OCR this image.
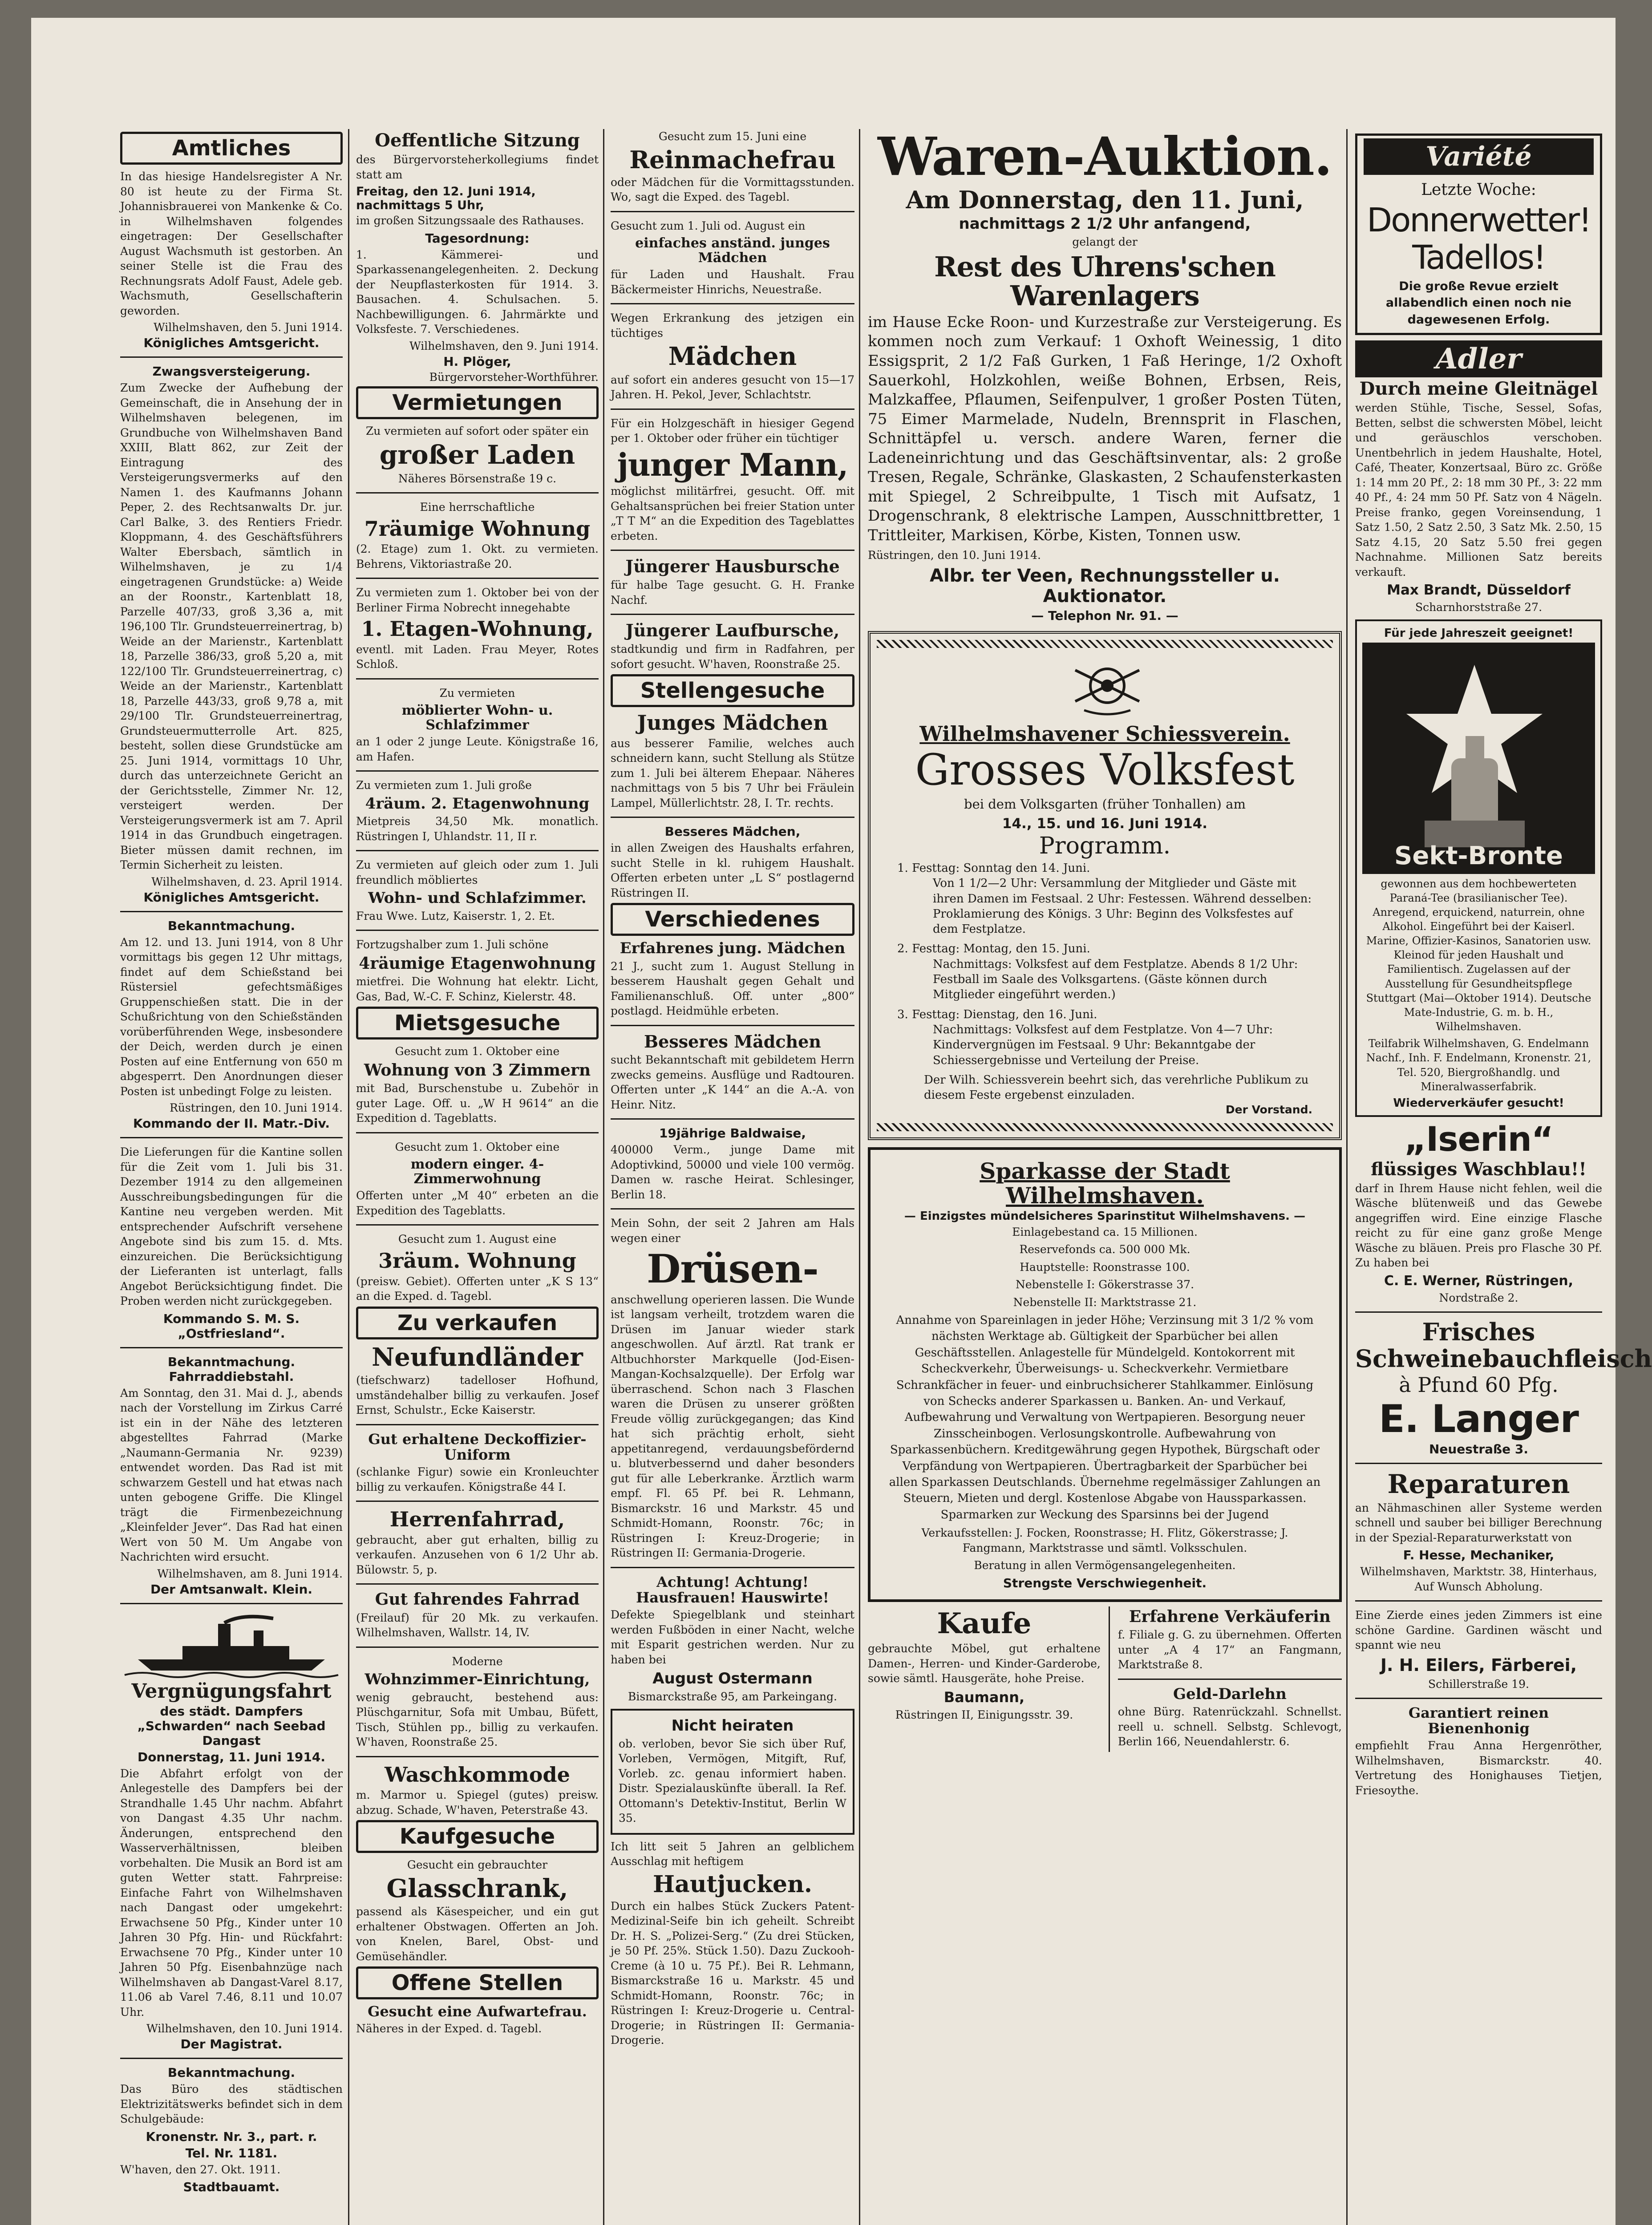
Amtliches

In das hiesige Handelsregister A Nr. 80 ist heute zu der Firma St. Johannisbrauerei von Mankenke & Co. in Wilhelmshaven folgendes eingetragen: Der Gesellschafter August Wachsmuth ist gestorben. An seiner Stelle ist die Frau des Rechnungsrats Adolf Faust, Adele geb. Wachsmuth, Gesellschafterin geworden.

Wilhelmshaven, den 5. Juni 1914.

Königliches Amtsgericht.

Zwangsversteigerung.

Zum Zwecke der Aufhebung der Gemeinschaft, die in Ansehung der in Wilhelmshaven belegenen, im Grundbuche von Wilhelmshaven Band XXIII, Blatt 862, zur Zeit der Eintragung des Versteigerungsvermerks auf den Namen 1. des Kaufmanns Johann Peper, 2. des Rechtsanwalts Dr. jur. Carl Balke, 3. des Rentiers Friedr. Kloppmann, 4. des Geschäftsführers Walter Ebersbach, sämtlich in Wilhelmshaven, je zu 1/4 eingetragenen Grundstücke: a) Weide an der Roonstr., Kartenblatt 18, Parzelle 407/33, groß 3,36 a, mit 196,100 Tlr. Grundsteuerreinertrag, b) Weide an der Marienstr., Kartenblatt 18, Parzelle 386/33, groß 5,20 a, mit 122/100 Tlr. Grundsteuerreinertrag, c) Weide an der Marienstr., Kartenblatt 18, Parzelle 443/33, groß 9,78 a, mit 29/100 Tlr. Grundsteuerreinertrag, Grundsteuermutterrolle Art. 825, besteht, sollen diese Grundstücke am 25. Juni 1914, vormittags 10 Uhr, durch das unterzeichnete Gericht an der Gerichtsstelle, Zimmer Nr. 12, versteigert werden. Der Versteigerungsvermerk ist am 7. April 1914 in das Grundbuch eingetragen. Bieter müssen damit rechnen, im Termin Sicherheit zu leisten.

Wilhelmshaven, d. 23. April 1914.

Königliches Amtsgericht.

Bekanntmachung.

Am 12. und 13. Juni 1914, von 8 Uhr vormittags bis gegen 12 Uhr mittags, findet auf dem Schießstand bei Rüstersiel gefechtsmäßiges Gruppenschießen statt. Die in der Schußrichtung von den Schießständen vorüberführenden Wege, insbesondere der Deich, werden durch je einen Posten auf eine Entfernung von 650 m abgesperrt. Den Anordnungen dieser Posten ist unbedingt Folge zu leisten.

Rüstringen, den 10. Juni 1914.

Kommando der II. Matr.-Div.

Die Lieferungen für die Kantine sollen für die Zeit vom 1. Juli bis 31. Dezember 1914 zu den allgemeinen Ausschreibungsbedingungen für die Kantine neu vergeben werden. Mit entsprechender Aufschrift versehene Angebote sind bis zum 15. d. Mts. einzureichen. Die Berücksichtigung der Lieferanten ist unterlagt, falls Angebot Berücksichtigung findet. Die Proben werden nicht zurückgegeben.

Kommando S. M. S. „Ostfriesland“.

Bekanntmachung. Fahrraddiebstahl.

Am Sonntag, den 31. Mai d. J., abends nach der Vorstellung im Zirkus Carré ist ein in der Nähe des letzteren abgestelltes Fahrrad (Marke „Naumann-Germania Nr. 9239) entwendet worden. Das Rad ist mit schwarzem Gestell und hat etwas nach unten gebogene Griffe. Die Klingel trägt die Firmenbezeichnung „Kleinfelder Jever“. Das Rad hat einen Wert von 50 M. Um Angabe von Nachrichten wird ersucht.

Wilhelmshaven, am 8. Juni 1914.

Der Amtsanwalt. Klein.

Vergnügungsfahrt

des städt. Dampfers „Schwarden“ nach Seebad Dangast

Donnerstag, 11. Juni 1914.

Die Abfahrt erfolgt von der Anlegestelle des Dampfers bei der Strandhalle 1.45 Uhr nachm. Abfahrt von Dangast 4.35 Uhr nachm. Änderungen, entsprechend den Wasserverhältnissen, bleiben vorbehalten. Die Musik an Bord ist am guten Wetter statt. Fahrpreise: Einfache Fahrt von Wilhelmshaven nach Dangast oder umgekehrt: Erwachsene 50 Pfg., Kinder unter 10 Jahren 30 Pfg. Hin- und Rückfahrt: Erwachsene 70 Pfg., Kinder unter 10 Jahren 50 Pfg. Eisenbahnzüge nach Wilhelmshaven ab Dangast-Varel 8.17, 11.06 ab Varel 7.46, 8.11 und 10.07 Uhr.

Wilhelmshaven, den 10. Juni 1914.

Der Magistrat.

Bekanntmachung.

Das Büro des städtischen Elektrizitätswerks befindet sich in dem Schulgebäude:

Kronenstr. Nr. 3., part. r.

Tel. Nr. 1181.

W'haven, den 27. Okt. 1911.

Stadtbauamt.

Oeffentliche Sitzung

des Bürgervorsteherkollegiums findet statt am

Freitag, den 12. Juni 1914, nachmittags 5 Uhr,

im großen Sitzungssaale des Rathauses.

Tagesordnung:

1. Kämmerei- und Sparkassenangelegenheiten. 2. Deckung der Neupflasterkosten für 1914. 3. Bausachen. 4. Schulsachen. 5. Nachbewilligungen. 6. Jahrmärkte und Volksfeste. 7. Verschiedenes.

Wilhelmshaven, den 9. Juni 1914.

H. Plöger,

Bürgervorsteher-Worthführer.

Vermietungen

Zu vermieten auf sofort oder später ein

großer Laden

Näheres Börsenstraße 19 c.

Eine herrschaftliche

7räumige Wohnung

(2. Etage) zum 1. Okt. zu vermieten. Behrens, Viktoriastraße 20.

Zu vermieten zum 1. Oktober bei von der Berliner Firma Nobrecht innegehabte

1. Etagen-Wohnung,

eventl. mit Laden. Frau Meyer, Rotes Schloß.

Zu vermieten

möblierter Wohn- u. Schlafzimmer

an 1 oder 2 junge Leute. Königstraße 16, am Hafen.

Zu vermieten zum 1. Juli große

4räum. 2. Etagenwohnung

Mietpreis 34,50 Mk. monatlich. Rüstringen I, Uhlandstr. 11, II r.

Zu vermieten auf gleich oder zum 1. Juli freundlich möbliertes

Wohn- und Schlafzimmer.

Frau Wwe. Lutz, Kaiserstr. 1, 2. Et.

Fortzugshalber zum 1. Juli schöne

4räumige Etagenwohnung

mietfrei. Die Wohnung hat elektr. Licht, Gas, Bad, W.-C. F. Schinz, Kielerstr. 48.

Mietsgesuche

Gesucht zum 1. Oktober eine

Wohnung von 3 Zimmern

mit Bad, Burschenstube u. Zubehör in guter Lage. Off. u. „W H 9614“ an die Expedition d. Tageblatts.

Gesucht zum 1. Oktober eine

modern einger. 4-Zimmerwohnung

Offerten unter „M 40“ erbeten an die Expedition des Tageblatts.

Gesucht zum 1. August eine

3räum. Wohnung

(preisw. Gebiet). Offerten unter „K S 13“ an die Exped. d. Tagebl.

Zu verkaufen

Neufundländer

(tiefschwarz) tadelloser Hofhund, umständehalber billig zu verkaufen. Josef Ernst, Schulstr., Ecke Kaiserstr.

Gut erhaltene Deckoffizier-Uniform

(schlanke Figur) sowie ein Kronleuchter billig zu verkaufen. Königstraße 44 I.

Herrenfahrrad,

gebraucht, aber gut erhalten, billig zu verkaufen. Anzusehen von 6 1/2 Uhr ab. Bülowstr. 5, p.

Gut fahrendes Fahrrad

(Freilauf) für 20 Mk. zu verkaufen. Wilhelmshaven, Wallstr. 14, IV.

Moderne

Wohnzimmer-Einrichtung,

wenig gebraucht, bestehend aus: Plüschgarnitur, Sofa mit Umbau, Büfett, Tisch, Stühlen pp., billig zu verkaufen. W'haven, Roonstraße 25.

Waschkommode

m. Marmor u. Spiegel (gutes) preisw. abzug. Schade, W'haven, Peterstraße 43.

Kaufgesuche

Gesucht ein gebrauchter

Glasschrank,

passend als Käsespeicher, und ein gut erhaltener Obstwagen. Offerten an Joh. von Knelen, Barel, Obst- und Gemüsehändler.

Offene Stellen

Gesucht eine Aufwartefrau.

Näheres in der Exped. d. Tagebl.

Gesucht zum 15. Juni eine

Reinmachefrau

oder Mädchen für die Vormittagsstunden. Wo, sagt die Exped. des Tagebl.

Gesucht zum 1. Juli od. August ein

einfaches anständ. junges Mädchen

für Laden und Haushalt. Frau Bäckermeister Hinrichs, Neuestraße.

Wegen Erkrankung des jetzigen ein tüchtiges

Mädchen

auf sofort ein anderes gesucht von 15—17 Jahren. H. Pekol, Jever, Schlachtstr.

Für ein Holzgeschäft in hiesiger Gegend per 1. Oktober oder früher ein tüchtiger

junger Mann,

möglichst militärfrei, gesucht. Off. mit Gehaltsansprüchen bei freier Station unter „T T M“ an die Expedition des Tageblattes erbeten.

Jüngerer Hausbursche

für halbe Tage gesucht. G. H. Franke Nachf.

Jüngerer Laufbursche,

stadtkundig und firm in Radfahren, per sofort gesucht. W'haven, Roonstraße 25.

Stellengesuche

Junges Mädchen

aus besserer Familie, welches auch schneidern kann, sucht Stellung als Stütze zum 1. Juli bei älterem Ehepaar. Näheres nachmittags von 5 bis 7 Uhr bei Fräulein Lampel, Müllerlichtstr. 28, I. Tr. rechts.

Besseres Mädchen,

in allen Zweigen des Haushalts erfahren, sucht Stelle in kl. ruhigem Haushalt. Offerten erbeten unter „L S“ postlagernd Rüstringen II.

Verschiedenes

Erfahrenes jung. Mädchen

21 J., sucht zum 1. August Stellung in besserem Haushalt gegen Gehalt und Familienanschluß. Off. unter „800“ postlagd. Heidmühle erbeten.

Besseres Mädchen

sucht Bekanntschaft mit gebildetem Herrn zwecks gemeins. Ausflüge und Radtouren. Offerten unter „K 144“ an die A.-A. von Heinr. Nitz.

19jährige Baldwaise,

400000 Verm., junge Dame mit Adoptivkind, 50000 und viele 100 vermög. Damen w. rasche Heirat. Schlesinger, Berlin 18.

Mein Sohn, der seit 2 Jahren am Hals wegen einer

Drüsen-

anschwellung operieren lassen. Die Wunde ist langsam verheilt, trotzdem waren die Drüsen im Januar wieder stark angeschwollen. Auf ärztl. Rat trank er Altbuchhorster Markquelle (Jod-Eisen-Mangan-Kochsalzquelle). Der Erfolg war überraschend. Schon nach 3 Flaschen waren die Drüsen zu unserer größten Freude völlig zurückgegangen; das Kind hat sich prächtig erholt, sieht appetitanregend, verdauungsbefördernd u. blutverbessernd und daher besonders gut für alle Leberkranke. Ärztlich warm empf. Fl. 65 Pf. bei R. Lehmann, Bismarckstr. 16 und Markstr. 45 und Schmidt-Homann, Roonstr. 76c; in Rüstringen I: Kreuz-Drogerie; in Rüstringen II: Germania-Drogerie.

Achtung! Achtung! Hausfrauen! Hauswirte!

Defekte Spiegelblank und steinhart werden Fußböden in einer Nacht, welche mit Esparit gestrichen werden. Nur zu haben bei

August Ostermann

Bismarckstraße 95, am Parkeingang.

Nicht heiraten

ob. verloben, bevor Sie sich über Ruf, Vorleben, Vermögen, Mitgift, Ruf, Vorleb. zc. genau informiert haben. Distr. Spezialauskünfte überall. Ia Ref. Ottomann's Detektiv-Institut, Berlin W 35.

Ich litt seit 5 Jahren an gelblichem Ausschlag mit heftigem

Hautjucken.

Durch ein halbes Stück Zuckers Patent-Medizinal-Seife bin ich geheilt. Schreibt Dr. H. S. „Polizei-Serg.“ (Zu drei Stücken, je 50 Pf. 25%. Stück 1.50). Dazu Zuckooh-Creme (à 10 u. 75 Pf.). Bei R. Lehmann, Bismarckstraße 16 u. Markstr. 45 und Schmidt-Homann, Roonstr. 76c; in Rüstringen I: Kreuz-Drogerie u. Central-Drogerie; in Rüstringen II: Germania-Drogerie.

Waren-Auktion.

Am Donnerstag, den 11. Juni,

nachmittags 2 1/2 Uhr anfangend,

gelangt der

Rest des Uhrens'schen Warenlagers

im Hause Ecke Roon- und Kurzestraße zur Versteigerung. Es kommen noch zum Verkauf: 1 Oxhoft Weinessig, 1 dito Essigsprit, 2 1/2 Faß Gurken, 1 Faß Heringe, 1/2 Oxhoft Sauerkohl, Holzkohlen, weiße Bohnen, Erbsen, Reis, Malzkaffee, Pflaumen, Seifenpulver, 1 großer Posten Tüten, 75 Eimer Marmelade, Nudeln, Brennsprit in Flaschen, Schnittäpfel u. versch. andere Waren, ferner die Ladeneinrichtung und das Geschäftsinventar, als: 2 große Tresen, Regale, Schränke, Glaskasten, 2 Schaufensterkasten mit Spiegel, 2 Schreibpulte, 1 Tisch mit Aufsatz, 1 Drogenschrank, 8 elektrische Lampen, Ausschnittbretter, 1 Trittleiter, Markisen, Körbe, Kisten, Tonnen usw.

Rüstringen, den 10. Juni 1914.

Albr. ter Veen, Rechnungssteller u. Auktionator.

— Telephon Nr. 91. —

Wilhelmshavener Schiessverein.

Grosses Volksfest

bei dem Volksgarten (früher Tonhallen) am

14., 15. und 16. Juni 1914.

Programm.

1. Festtag: Sonntag den 14. Juni.

Von 1 1/2—2 Uhr: Versammlung der Mitglieder und Gäste mit ihren Damen im Festsaal. 2 Uhr: Festessen. Während desselben: Proklamierung des Königs. 3 Uhr: Beginn des Volksfestes auf dem Festplatze.

2. Festtag: Montag, den 15. Juni.

Nachmittags: Volksfest auf dem Festplatze. Abends 8 1/2 Uhr: Festball im Saale des Volksgartens. (Gäste können durch Mitglieder eingeführt werden.)

3. Festtag: Dienstag, den 16. Juni.

Nachmittags: Volksfest auf dem Festplatze. Von 4—7 Uhr: Kindervergnügen im Festsaal. 9 Uhr: Bekanntgabe der Schiessergebnisse und Verteilung der Preise.

Der Wilh. Schiessverein beehrt sich, das verehrliche Publikum zu diesem Feste ergebenst einzuladen.

Der Vorstand.

Sparkasse der Stadt Wilhelmshaven.

— Einzigstes mündelsicheres Sparinstitut Wilhelmshavens. —

Einlagebestand ca. 15 Millionen.

Reservefonds ca. 500 000 Mk.

Hauptstelle: Roonstrasse 100.

Nebenstelle I: Gökerstrasse 37.

Nebenstelle II: Marktstrasse 21.

Annahme von Spareinlagen in jeder Höhe; Verzinsung mit 3 1/2 % vom nächsten Werktage ab. Gültigkeit der Sparbücher bei allen Geschäftsstellen. Anlagestelle für Mündelgeld. Kontokorrent mit Scheckverkehr, Überweisungs- u. Scheckverkehr. Vermietbare Schrankfächer in feuer- und einbruchsicherer Stahlkammer. Einlösung von Schecks anderer Sparkassen u. Banken. An- und Verkauf, Aufbewahrung und Verwaltung von Wertpapieren. Besorgung neuer Zinsscheinbogen. Verlosungskontrolle. Aufbewahrung von Sparkassenbüchern. Kreditgewährung gegen Hypothek, Bürgschaft oder Verpfändung von Wertpapieren. Übertragbarkeit der Sparbücher bei allen Sparkassen Deutschlands. Übernehme regelmässiger Zahlungen an Steuern, Mieten und dergl. Kostenlose Abgabe von Haussparkassen. Sparmarken zur Weckung des Sparsinns bei der Jugend

Verkaufsstellen: J. Focken, Roonstrasse; H. Flitz, Gökerstrasse; J. Fangmann, Marktstrasse und sämtl. Volksschulen.

Beratung in allen Vermögensangelegenheiten.

Strengste Verschwiegenheit.

Kaufe

gebrauchte Möbel, gut erhaltene Damen-, Herren- und Kinder-Garderobe, sowie sämtl. Hausgeräte, hohe Preise.

Baumann,

Rüstringen II, Einigungsstr. 39.

Erfahrene Verkäuferin

f. Filiale g. G. zu übernehmen. Offerten unter „A 4 17“ an Fangmann, Marktstraße 8.

Geld-Darlehn

ohne Bürg. Ratenrückzahl. Schnellst. reell u. schnell. Selbstg. Schlevogt, Berlin 166, Neuendahlerstr. 6.

Variété

Letzte Woche:

Donnerwetter!

Tadellos!

Die große Revue erzielt allabendlich einen noch nie dagewesenen Erfolg.

Adler

Durch meine Gleitnägel

werden Stühle, Tische, Sessel, Sofas, Betten, selbst die schwersten Möbel, leicht und geräuschlos verschoben. Unentbehrlich in jedem Haushalte, Hotel, Café, Theater, Konzertsaal, Büro zc. Größe 1: 14 mm 20 Pf., 2: 18 mm 30 Pf., 3: 22 mm 40 Pf., 4: 24 mm 50 Pf. Satz von 4 Nägeln. Preise franko, gegen Voreinsendung, 1 Satz 1.50, 2 Satz 2.50, 3 Satz Mk. 2.50, 15 Satz 4.15, 20 Satz 5.50 frei gegen Nachnahme. Millionen Satz bereits verkauft.

Max Brandt, Düsseldorf

Scharnhorststraße 27.

Für jede Jahreszeit geeignet!

Sekt-Bronte

gewonnen aus dem hochbewerteten Paraná-Tee (brasilianischer Tee). Anregend, erquickend, naturrein, ohne Alkohol. Eingeführt bei der Kaiserl. Marine, Offizier-Kasinos, Sanatorien usw. Kleinod für jeden Haushalt und Familientisch. Zugelassen auf der Ausstellung für Gesundheitspflege Stuttgart (Mai—Oktober 1914). Deutsche Mate-Industrie, G. m. b. H., Wilhelmshaven.

Teilfabrik Wilhelmshaven, G. Endelmann Nachf., Inh. F. Endelmann, Kronenstr. 21, Tel. 520, Biergroßhandlg. und Mineralwasserfabrik.

Wiederverkäufer gesucht!

„Iserin“

flüssiges Waschblau!!

darf in Ihrem Hause nicht fehlen, weil die Wäsche blütenweiß und das Gewebe angegriffen wird. Eine einzige Flasche reicht zu für eine ganz große Menge Wäsche zu bläuen. Preis pro Flasche 30 Pf. Zu haben bei

C. E. Werner, Rüstringen,

Nordstraße 2.

Frisches Schweinebauchfleisch

à Pfund 60 Pfg.

E. Langer

Neuestraße 3.

Reparaturen

an Nähmaschinen aller Systeme werden schnell und sauber bei billiger Berechnung in der Spezial-Reparaturwerkstatt von

F. Hesse, Mechaniker,

Wilhelmshaven, Marktstr. 38, Hinterhaus, Auf Wunsch Abholung.

Eine Zierde eines jeden Zimmers ist eine schöne Gardine. Gardinen wäscht und spannt wie neu

J. H. Eilers, Färberei,

Schillerstraße 19.

Garantiert reinen Bienenhonig

empfiehlt Frau Anna Hergenröther, Wilhelmshaven, Bismarckstr. 40. Vertretung des Honighauses Tietjen, Friesoythe.
